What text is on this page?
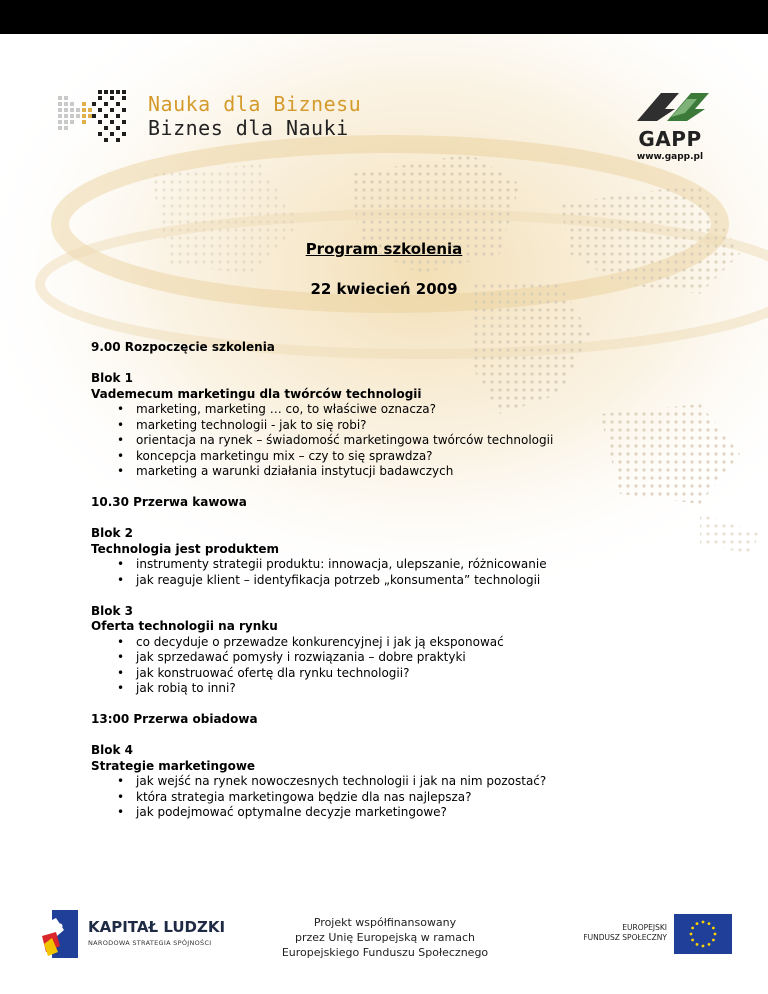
Nauka dla Biznesu
Biznes dla Nauki	GAPP
www.gapp.pl
Program szkolenia
22 kwiecień 2009
9.00 Rozpoczęcie szkolenia
Blok 1
Vademecum marketingu dla twórców technologii
• marketing, marketing … co, to właściwe oznacza?
• marketing technologii - jak to się robi?
• orientacja na rynek – świadomość marketingowa twórców technologii
• koncepcja marketingu mix – czy to się sprawdza?
• marketing a warunki działania instytucji badawczych
10.30 Przerwa kawowa
Blok 2
Technologia jest produktem
• instrumenty strategii produktu: innowacja, ulepszanie, różnicowanie
• jak reaguje klient – identyfikacja potrzeb „konsumenta” technologii
Blok 3
Oferta technologii na rynku
• co decyduje o przewadze konkurencyjnej i jak ją eksponować
• jak sprzedawać pomysły i rozwiązania – dobre praktyki
• jak konstruować ofertę dla rynku technologii?
• jak robią to inni?
13:00 Przerwa obiadowa
Blok 4
Strategie marketingowe
• jak wejść na rynek nowoczesnych technologii i jak na nim pozostać?
• która strategia marketingowa będzie dla nas najlepsza?
• jak podejmować optymalne decyzje marketingowe?
KAPITAŁ LUDZKI
NARODOWA STRATEGIA SPÓJNOŚCI
Projekt współfinansowany
przez Unię Europejską w ramach
Europejskiego Funduszu Społecznego
EUROPEJSKI
FUNDUSZ SPOŁECZNY
